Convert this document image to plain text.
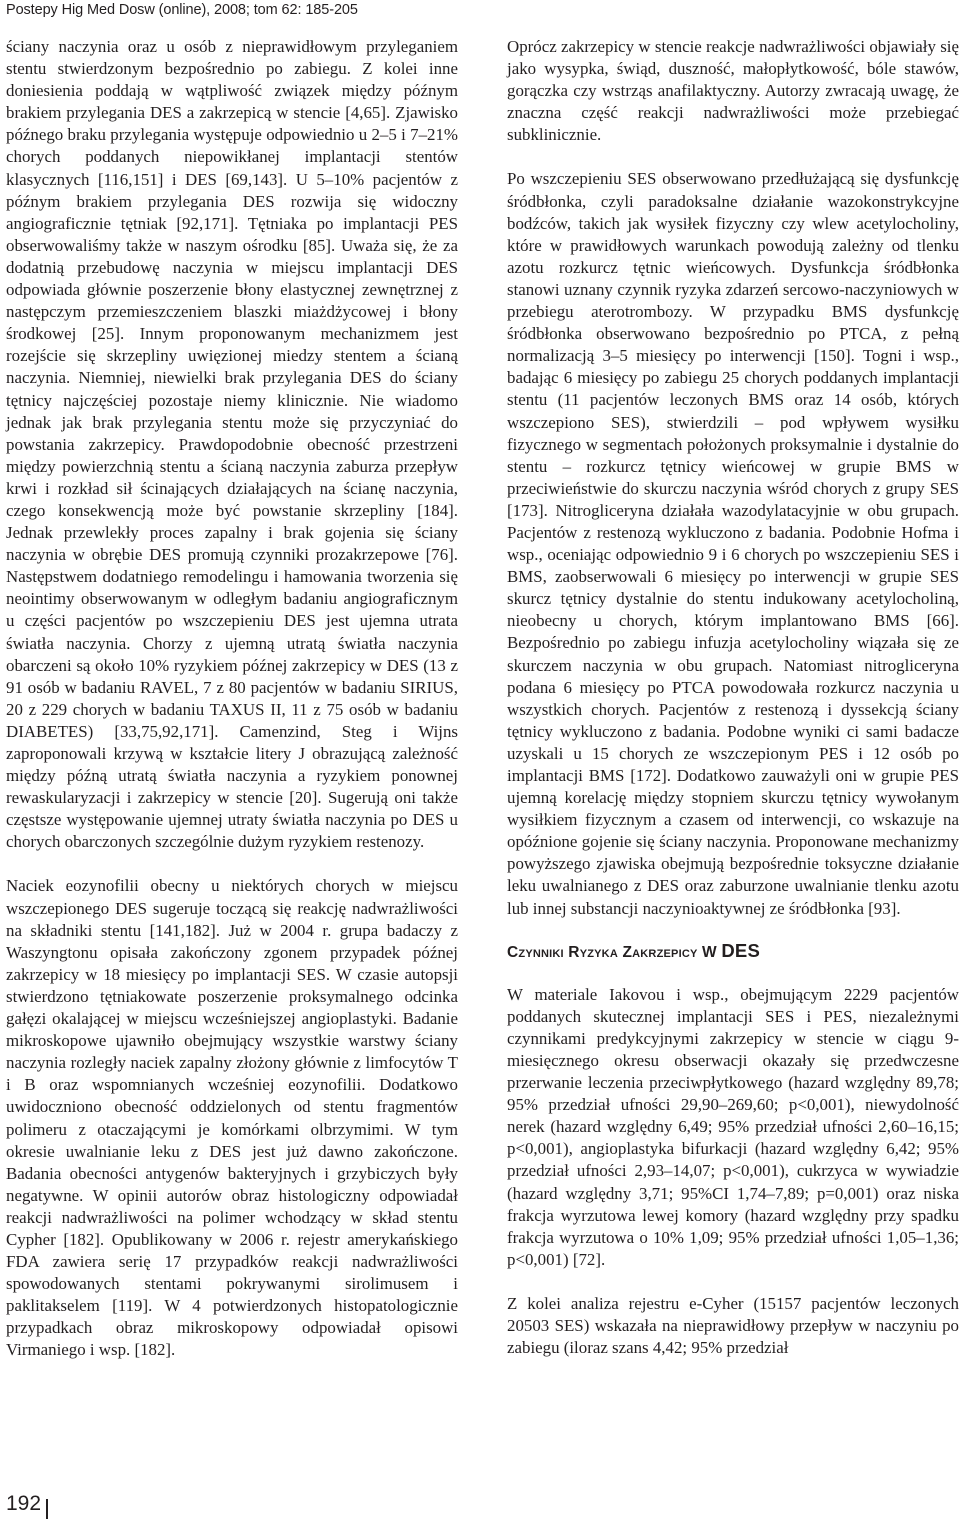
Postepy Hig Med Dosw (online), 2008; tom 62: 185-205

ściany naczynia oraz u osób z nieprawidłowym przyleganiem stentu stwierdzonym bezpośrednio po zabiegu. Z kolei inne doniesienia poddają w wątpliwość związek między późnym brakiem przylegania DES a zakrzepicą w stencie [4,65]. Zjawisko późnego braku przylegania występuje odpowiednio u 2–5 i 7–21% chorych poddanych niepowikłanej implantacji stentów klasycznych [116,151] i DES [69,143]. U 5–10% pacjentów z późnym brakiem przylegania DES rozwija się widoczny angiograficznie tętniak [92,171]. Tętniaka po implantacji PES obserwowaliśmy także w naszym ośrodku [85]. Uważa się, że za dodatnią przebudowę naczynia w miejscu implantacji DES odpowiada głównie poszerzenie błony elastycznej zewnętrznej z następczym przemieszczeniem blaszki miażdżycowej i błony środkowej [25]. Innym proponowanym mechanizmem jest rozejście się skrzepliny uwięzionej miedzy stentem a ścianą naczynia. Niemniej, niewielki brak przylegania DES do ściany tętnicy najczęściej pozostaje niemy klinicznie. Nie wiadomo jednak jak brak przylegania stentu może się przyczyniać do powstania zakrzepicy. Prawdopodobnie obecność przestrzeni między powierzchnią stentu a ścianą naczynia zaburza przepływ krwi i rozkład sił ścinających działających na ścianę naczynia, czego konsekwencją może być powstanie skrzepliny [184]. Jednak przewlekły proces zapalny i brak gojenia się ściany naczynia w obrębie DES promują czynniki prozakrzepowe [76]. Następstwem dodatniego remodelingu i hamowania tworzenia się neointimy obserwowanym w odległym badaniu angiograficznym u części pacjentów po wszczepieniu DES jest ujemna utrata światła naczynia. Chorzy z ujemną utratą światła naczynia obarczeni są około 10% ryzykiem późnej zakrzepicy w DES (13 z 91 osób w badaniu RAVEL, 7 z 80 pacjentów w badaniu SIRIUS, 20 z 229 chorych w badaniu TAXUS II, 11 z 75 osób w badaniu DIABETES) [33,75,92,171]. Camenzind, Steg i Wijns zaproponowali krzywą w kształcie litery J obrazującą zależność między późną utratą światła naczynia a ryzykiem ponownej rewaskularyzacji i zakrzepicy w stencie [20]. Sugerują oni także częstsze występowanie ujemnej utraty światła naczynia po DES u chorych obarczonych szczególnie dużym ryzykiem restenozy.

Naciek eozynofilii obecny u niektórych chorych w miejscu wszczepionego DES sugeruje toczącą się reakcję nadwrażliwości na składniki stentu [141,182]. Już w 2004 r. grupa badaczy z Waszyngtonu opisała zakończony zgonem przypadek późnej zakrzepicy w 18 miesięcy po implantacji SES. W czasie autopsji stwierdzono tętniakowate poszerzenie proksymalnego odcinka gałęzi okalającej w miejscu wcześniejszej angioplastyki. Badanie mikroskopowe ujawniło obejmujący wszystkie warstwy ściany naczynia rozległy naciek zapalny złożony głównie z limfocytów T i B oraz wspomnianych wcześniej eozynofilii. Dodatkowo uwidoczniono obecność oddzielonych od stentu fragmentów polimeru z otaczającymi je komórkami olbrzymimi. W tym okresie uwalnianie leku z DES jest już dawno zakończone. Badania obecności antygenów bakteryjnych i grzybiczych były negatywne. W opinii autorów obraz histologiczny odpowiadał reakcji nadwrażliwości na polimer wchodzący w skład stentu Cypher [182]. Opublikowany w 2006 r. rejestr amerykańskiego FDA zawiera serię 17 przypadków reakcji nadwrażliwości spowodowanych stentami pokrywanymi sirolimusem i paklitakselem [119]. W 4 potwierdzonych histopatologicznie przypadkach obraz mikroskopowy odpowiadał opisowi Virmaniego i wsp. [182].

Oprócz zakrzepicy w stencie reakcje nadwrażliwości objawiały się jako wysypka, świąd, duszność, małopłytkowość, bóle stawów, gorączka czy wstrząs anafilaktyczny. Autorzy zwracają uwagę, że znaczna część reakcji nadwrażliwości może przebiegać subklinicznie.

Po wszczepieniu SES obserwowano przedłużającą się dysfunkcję śródbłonka, czyli paradoksalne działanie wazokonstrykcyjne bodźców, takich jak wysiłek fizyczny czy wlew acetylocholiny, które w prawidłowych warunkach powodują zależny od tlenku azotu rozkurcz tętnic wieńcowych. Dysfunkcja śródbłonka stanowi uznany czynnik ryzyka zdarzeń sercowo-naczyniowych w przebiegu aterotrombozy. W przypadku BMS dysfunkcję śródbłonka obserwowano bezpośrednio po PTCA, z pełną normalizacją 3–5 miesięcy po interwencji [150]. Togni i wsp., badając 6 miesięcy po zabiegu 25 chorych poddanych implantacji stentu (11 pacjentów leczonych BMS oraz 14 osób, których wszczepiono SES), stwierdzili – pod wpływem wysiłku fizycznego w segmentach położonych proksymalnie i dystalnie do stentu – rozkurcz tętnicy wieńcowej w grupie BMS w przeciwieństwie do skurczu naczynia wśród chorych z grupy SES [173]. Nitrogliceryna działała wazodylatacyjnie w obu grupach. Pacjentów z restenozą wykluczono z badania. Podobnie Hofma i wsp., oceniając odpowiednio 9 i 6 chorych po wszczepieniu SES i BMS, zaobserwowali 6 miesięcy po interwencji w grupie SES skurcz tętnicy dystalnie do stentu indukowany acetylocholiną, nieobecny u chorych, którym implantowano BMS [66]. Bezpośrednio po zabiegu infuzja acetylocholiny wiązała się ze skurczem naczynia w obu grupach. Natomiast nitrogliceryna podana 6 miesięcy po PTCA powodowała rozkurcz naczynia u wszystkich chorych. Pacjentów z restenozą i dyssekcją ściany tętnicy wykluczono z badania. Podobne wyniki ci sami badacze uzyskali u 15 chorych ze wszczepionym PES i 12 osób po implantacji BMS [172]. Dodatkowo zauważyli oni w grupie PES ujemną korelację między stopniem skurczu tętnicy wywołanym wysiłkiem fizycznym a czasem od interwencji, co wskazuje na opóźnione gojenie się ściany naczynia. Proponowane mechanizmy powyższego zjawiska obejmują bezpośrednie toksyczne działanie leku uwalnianego z DES oraz zaburzone uwalnianie tlenku azotu lub innej substancji naczynioaktywnej ze śródbłonka [93].

Czynniki Ryzyka Zakrzepicy W DES

W materiale Iakovou i wsp., obejmującym 2229 pacjentów poddanych skutecznej implantacji SES i PES, niezależnymi czynnikami predykcyjnymi zakrzepicy w stencie w ciągu 9-miesięcznego okresu obserwacji okazały się przedwczesne przerwanie leczenia przeciwpłytkowego (hazard względny 89,78; 95% przedział ufności 29,90–269,60; p<0,001), niewydolność nerek (hazard względny 6,49; 95% przedział ufności 2,60–16,15; p<0,001), angioplastyka bifurkacji (hazard względny 6,42; 95% przedział ufności 2,93–14,07; p<0,001), cukrzyca w wywiadzie (hazard względny 3,71; 95%CI 1,74–7,89; p=0,001) oraz niska frakcja wyrzutowa lewej komory (hazard względny przy spadku frakcja wyrzutowa o 10% 1,09; 95% przedział ufności 1,05–1,36; p<0,001) [72].

Z kolei analiza rejestru e-Cyher (15157 pacjentów leczonych 20503 SES) wskazała na nieprawidłowy przepływ w naczyniu po zabiegu (iloraz szans 4,42; 95% przedział

192
